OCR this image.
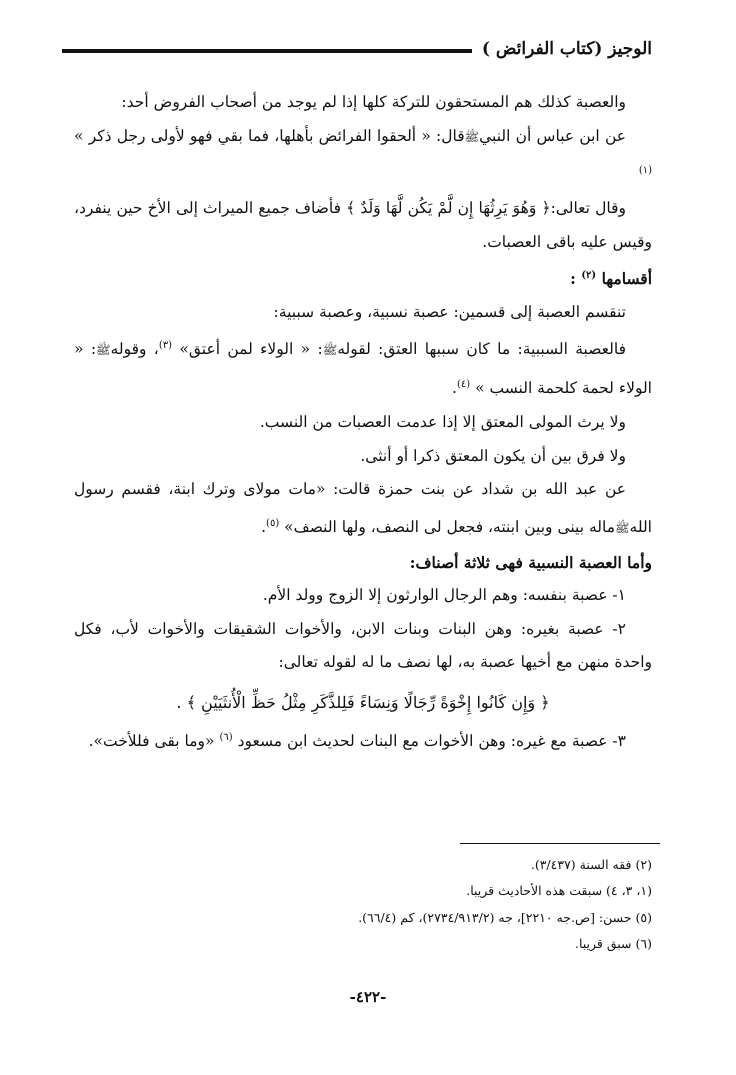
الوجيز (كتاب الفرائض )

والعصبة كذلك هم المستحقون للتركة كلها إذا لم يوجد من أصحاب الفروض أحد:

عن ابن عباس أن النبيﷺقال: « ألحقوا الفرائض بأهلها، فما بقي فهو لأولى رجل ذكر » $^{(١)}$

وقال تعالى:﴿ وَهُوَ يَرِثُهَا إِن لَّمْ يَكُن لَّهَا وَلَدٌ ﴾ فأضاف جميع الميراث إلى الأخ حين ينفرد، وقيس عليه باقى العصبات.

أقسامها $^{(٢)}$ :

تنقسم العصبة إلى قسمين: عصبة نسبية، وعصبة سببية:

فالعصبة السببية: ما كان سببها العتق: لقولهﷺ: « الولاء لمن أعتق» $^{(٣)}$، وقولهﷺ: « الولاء لحمة كلحمة النسب » $^{(٤)}$.

ولا يرث المولى المعتق إلا إذا عدمت العصبات من النسب.

ولا فرق بين أن يكون المعتق ذكرا أو أنثى.

عن عبد الله بن شداد عن بنت حمزة قالت: «مات مولاى وترك ابنة، فقسم رسول اللهﷺماله بينى وبين ابنته، فجعل لى النصف، ولها النصف» $^{(٥)}$.

وأما العصبة النسبية فهى ثلاثة أصناف:

١- عصبة بنفسه: وهم الرجال الوارثون إلا الزوج وولد الأم.

٢- عصبة بغيره: وهن البنات وبنات الابن، والأخوات الشقيقات والأخوات لأب، فكل واحدة منهن مع أخيها عصبة به، لها نصف ما له لقوله تعالى:

﴿ وَإِن كَانُوا إِخْوَةً رِّجَالًا وَنِسَاءً فَلِلذَّكَرِ مِثْلُ حَظِّ الْأُنثَيَيْنِ ﴾ .

٣- عصبة مع غيره: وهن الأخوات مع البنات لحديث ابن مسعود $^{(٦)}$ «وما بقى فللأخت».

(٢) فقه السنة (٣/٤٣٧).

(١، ٣، ٤) سبقت هذه الأحاديث قريبا.

(٥) حسن: [ص.جه ٢٢١٠]، جه (٢٧٣٤/٩١٣/٢)، كم (٦٦/٤).

(٦) سبق قريبا.

-٤٢٢-
